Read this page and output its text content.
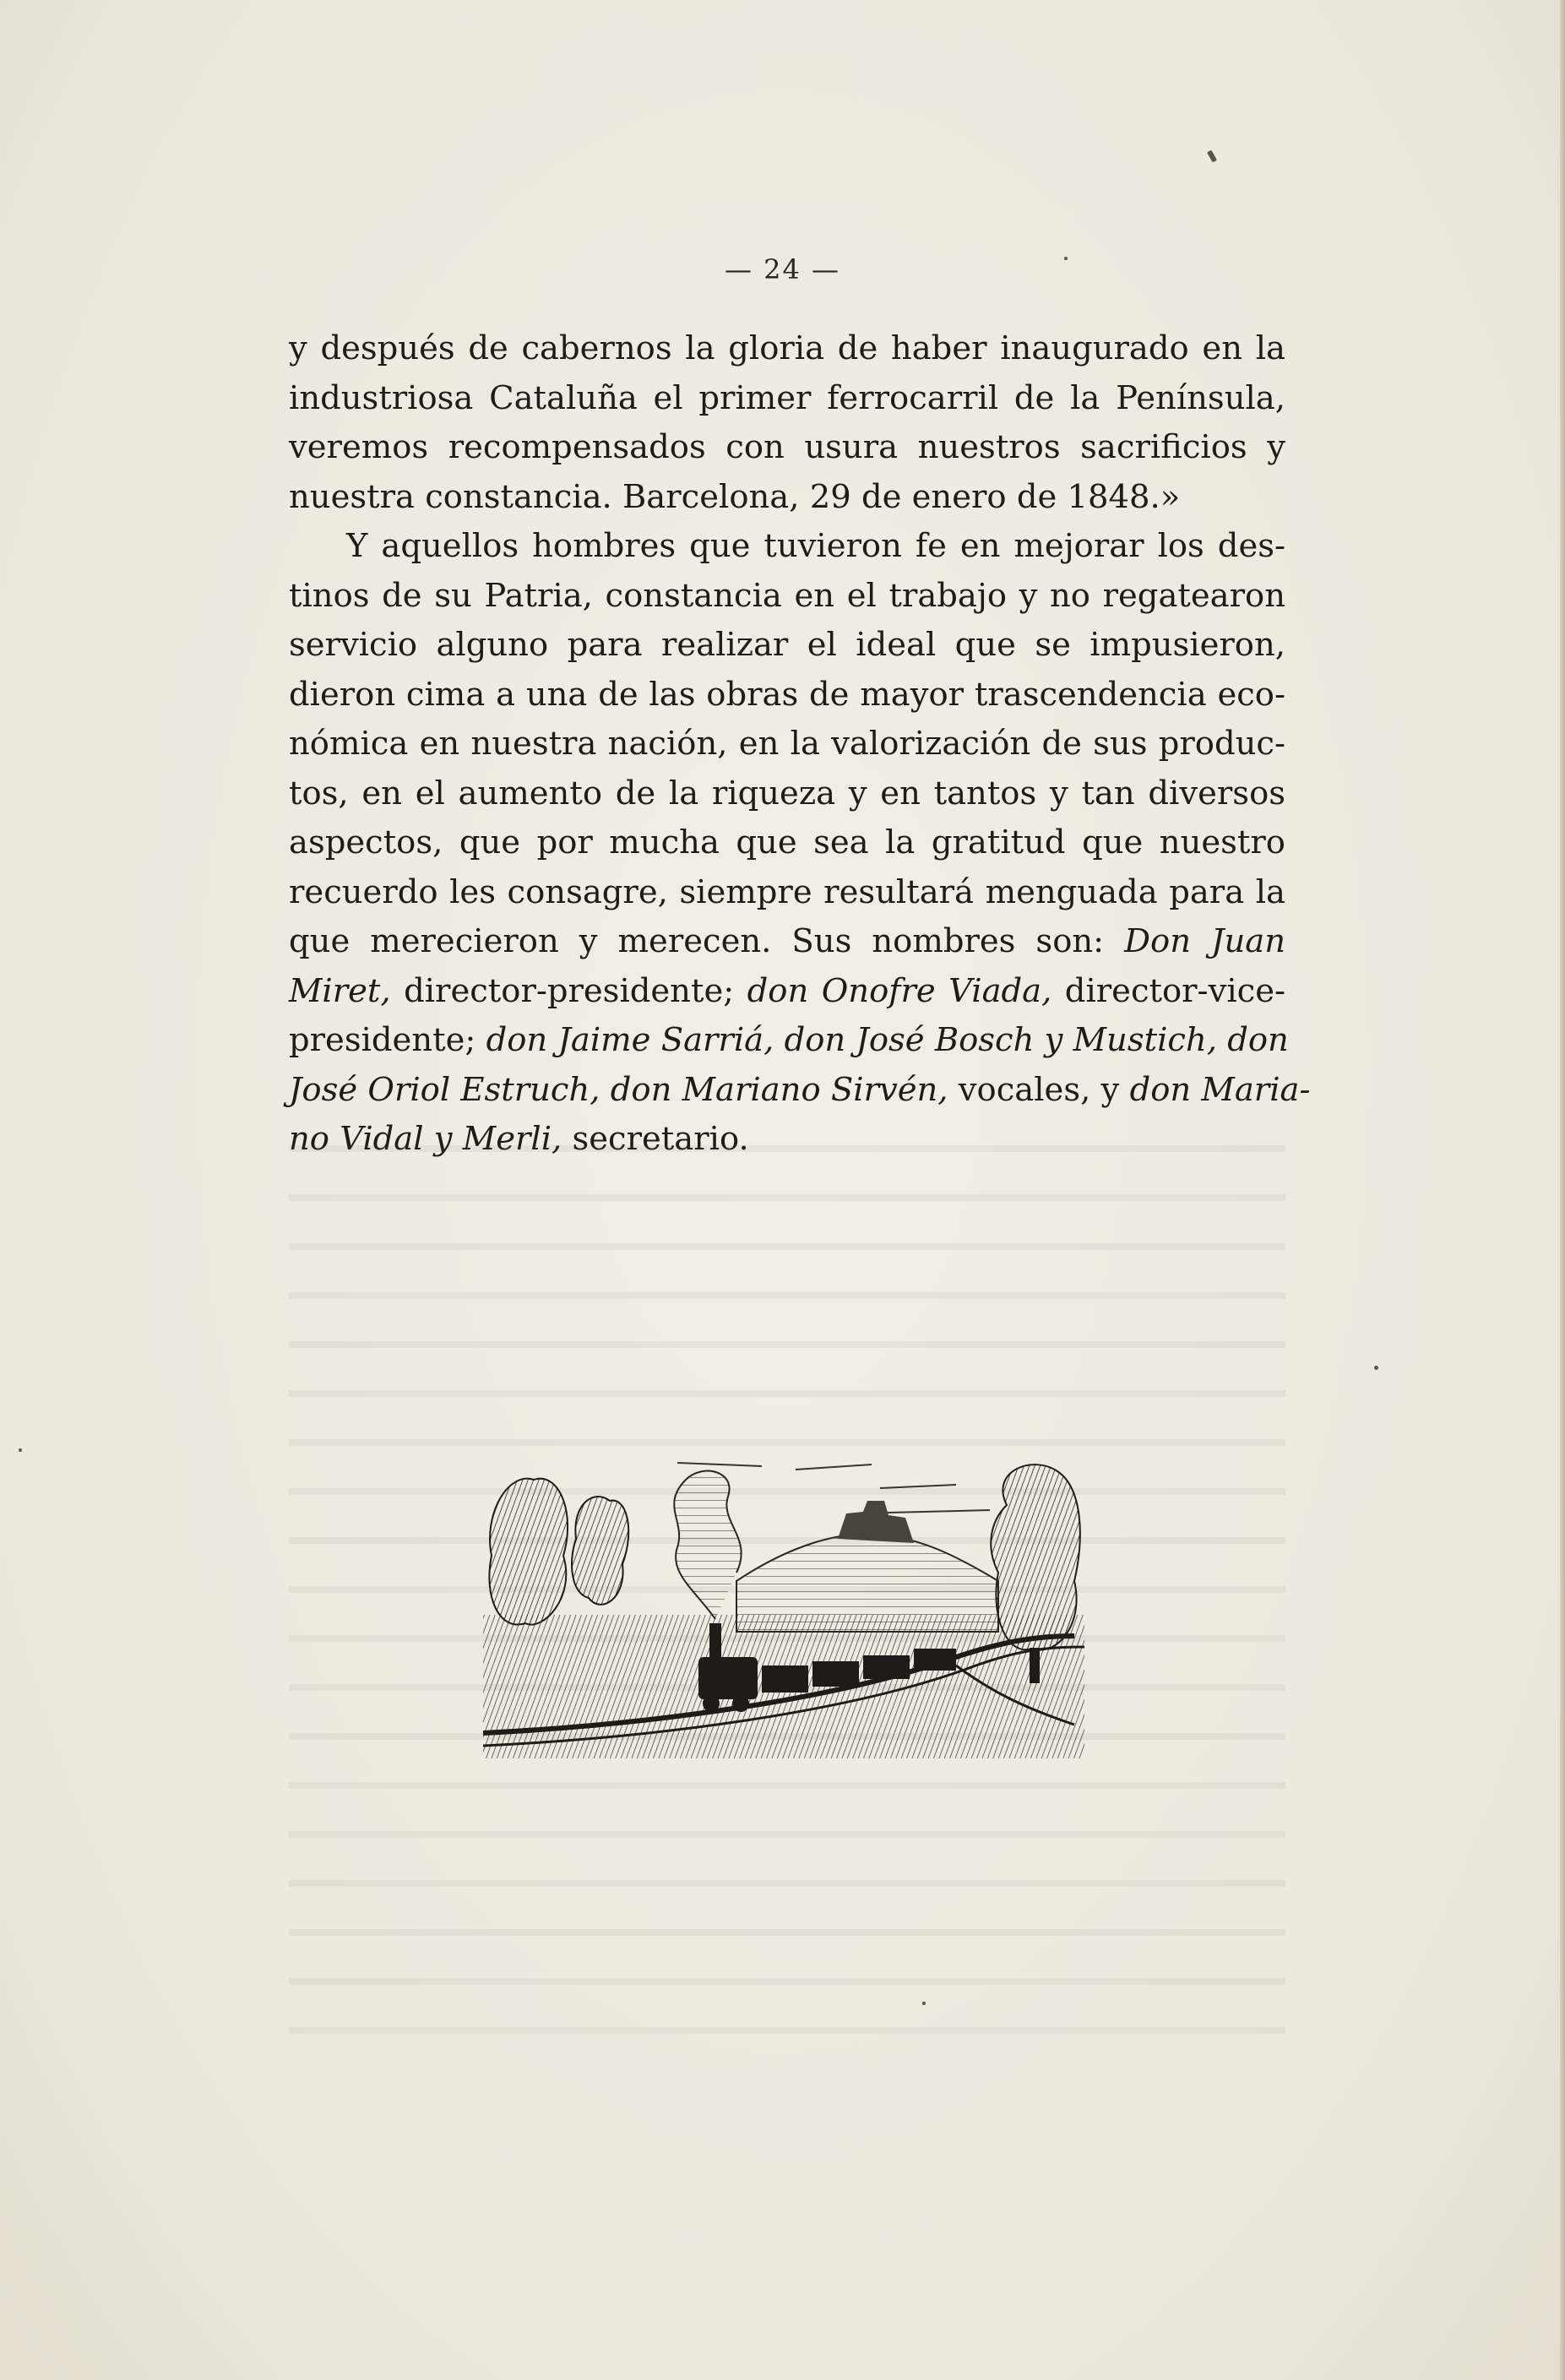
— 24 —
y después de cabernos la gloria de haber inaugurado en la
industriosa Cataluña el primer ferrocarril de la Península,
veremos recompensados con usura nuestros sacrificios y
nuestra constancia. Barcelona, 29 de enero de 1848.»
Y aquellos hombres que tuvieron fe en mejorar los des-
tinos de su Patria, constancia en el trabajo y no regatearon
servicio alguno para realizar el ideal que se impusieron,
dieron cima a una de las obras de mayor trascendencia eco-
nómica en nuestra nación, en la valorización de sus produc-
tos, en el aumento de la riqueza y en tantos y tan diversos
aspectos, que por mucha que sea la gratitud que nuestro
recuerdo les consagre, siempre resultará menguada para la
que merecieron y merecen. Sus nombres son: Don Juan
Miret, director-presidente; don Onofre Viada, director-vice-
presidente; don Jaime Sarriá, don José Bosch y Mustich, don
José Oriol Estruch, don Mariano Sirvén, vocales, y don Maria-
no Vidal y Merli, secretario.
